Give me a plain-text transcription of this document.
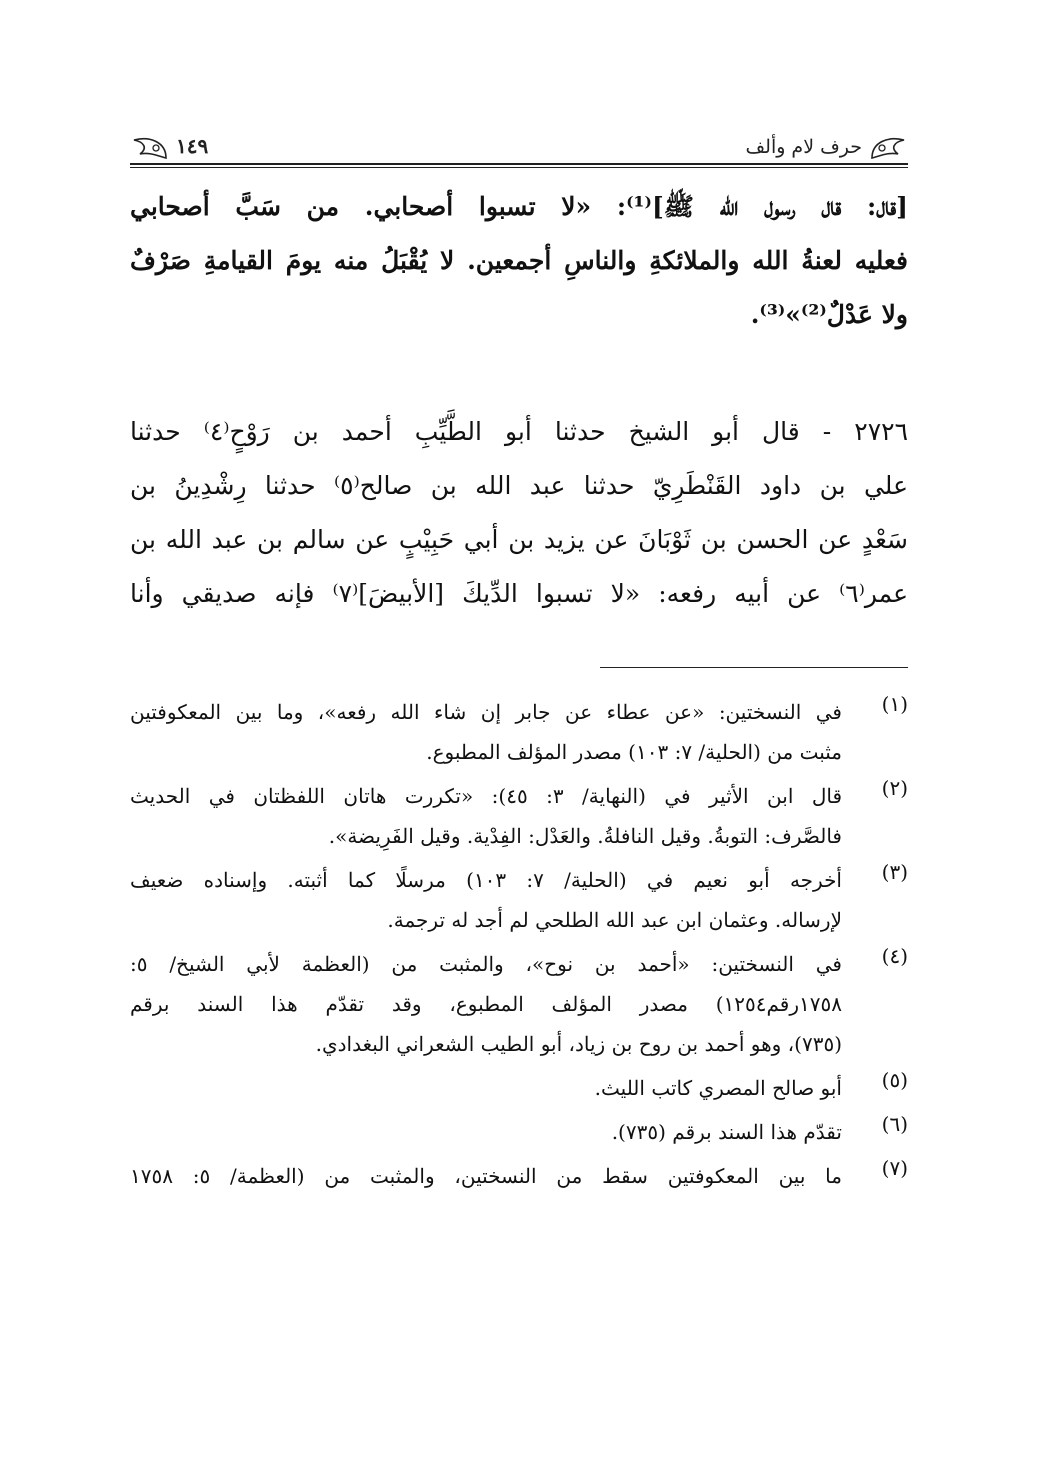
حرف لام وألف
١٤٩
[قال: قال رسول الله ﷺ]⁽¹⁾: «لا تسبوا أصحابي. من سَبَّ أصحابي
فعليه لعنةُ الله والملائكةِ والناسِ أجمعين. لا يُقْبَلُ منه يومَ القيامةِ صَرْفٌ
ولا عَدْلٌ⁽²⁾»⁽³⁾.
٢٧٢٦ - قال أبو الشيخ حدثنا أبو الطَّيِّبِ أحمد بن رَوْحٍ⁽٤⁾ حدثنا
علي بن داود القَنْطَرِيّ حدثنا عبد الله بن صالح⁽٥⁾ حدثنا رِشْدِينُ بن
سَعْدٍ عن الحسن بن ثَوْبَانَ عن يزيد بن أبي حَبِيْبٍ عن سالم بن عبد الله بن
عمر⁽٦⁾ عن أبيه رفعه: «لا تسبوا الدِّيكَ [الأبيضَ]⁽٧⁾ فإنه صديقي وأنا
(١)
في النسختين: «عن عطاء عن جابر إن شاء الله رفعه»، وما بين المعكوفتين
مثبت من (الحلية/ ٧: ١٠٣) مصدر المؤلف المطبوع.
(٢)
قال ابن الأثير في (النهاية/ ٣: ٤٥): «تكررت هاتان اللفظتان في الحديث
فالصَّرف: التوبةُ. وقيل النافلةُ. والعَدْل: الفِدْية. وقيل الفَرِيضة».
(٣)
أخرجه أبو نعيم في (الحلية/ ٧: ١٠٣) مرسلًا كما أثبته. وإسناده ضعيف
لإرساله. وعثمان ابن عبد الله الطلحي لم أجد له ترجمة.
(٤)
في النسختين: «أحمد بن نوح»، والمثبت من (العظمة لأبي الشيخ/ ٥:
١٧٥٨رقم١٢٥٤) مصدر المؤلف المطبوع، وقد تقدّم هذا السند برقم
(٧٣٥)، وهو أحمد بن روح بن زياد، أبو الطيب الشعراني البغدادي.
(٥)
أبو صالح المصري كاتب الليث.
(٦)
تقدّم هذا السند برقم (٧٣٥).
(٧)
ما بين المعكوفتين سقط من النسختين، والمثبت من (العظمة/ ٥: ١٧٥٨
